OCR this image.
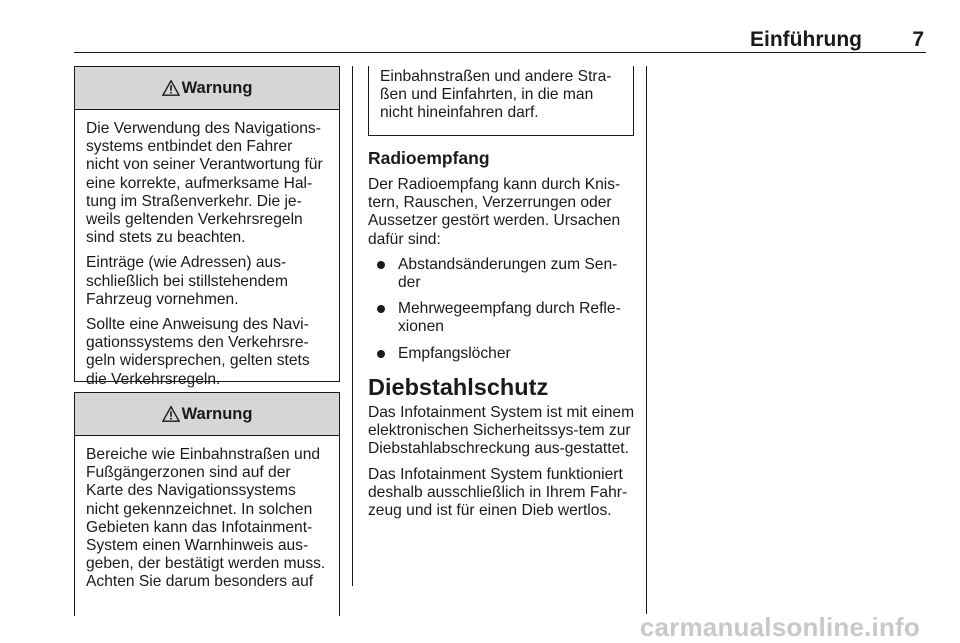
Einführung 7
Warnung

Die Verwendung des Navigations-systems entbindet den Fahrer nicht von seiner Verantwortung für eine korrekte, aufmerksame Hal-tung im Straßenverkehr. Die je-weils geltenden Verkehrsregeln sind stets zu beachten.

Einträge (wie Adressen) aus-schließlich bei stillstehendem Fahrzeug vornehmen.

Sollte eine Anweisung des Navi-gationssystems den Verkehrsre-geln widersprechen, gelten stets die Verkehrsregeln.

Warnung

Bereiche wie Einbahnstraßen und Fußgängerzonen sind auf der Karte des Navigationssystems nicht gekennzeichnet. In solchen Gebieten kann das Infotainment-System einen Warnhinweis aus-geben, der bestätigt werden muss. Achten Sie darum besonders auf

Einbahnstraßen und andere Stra-ßen und Einfahrten, in die man nicht hineinfahren darf.

Radioempfang

Der Radioempfang kann durch Knis-tern, Rauschen, Verzerrungen oder Aussetzer gestört werden. Ursachen dafür sind:

Abstandsänderungen zum Sen-der
Mehrwegeempfang durch Refle-xionen
Empfangslöcher
Diebstahlschutz

Das Infotainment System ist mit einem elektronischen Sicherheitssys-tem zur Diebstahlabschreckung aus-gestattet.

Das Infotainment System funktioniert deshalb ausschließlich in Ihrem Fahr-zeug und ist für einen Dieb wertlos.

carmanualsonline.info
